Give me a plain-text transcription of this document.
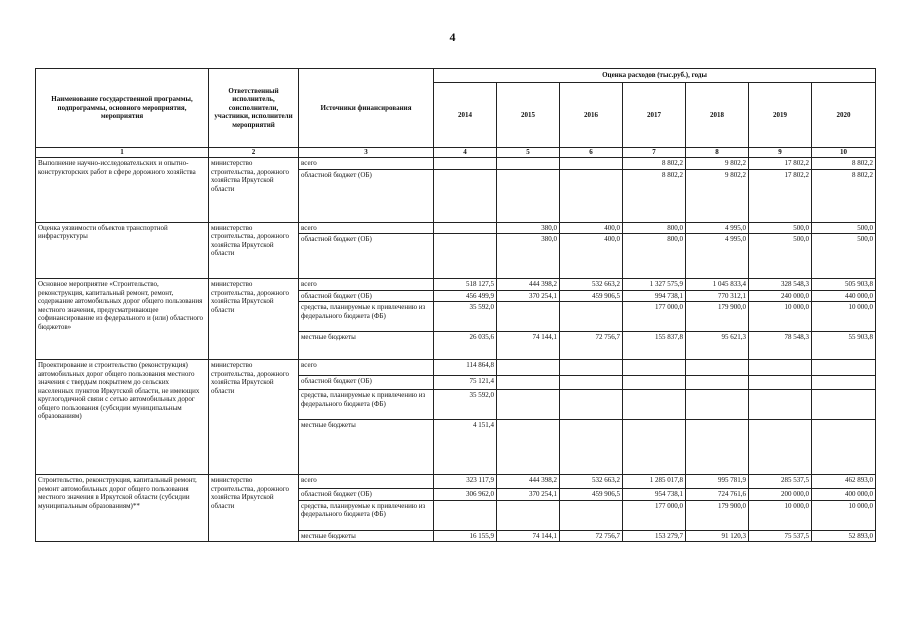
4
Наименование государственной программы, подпрограммы, основного мероприятия, мероприятия	Ответственный исполнитель, соисполнители, участники, исполнители мероприятий	Источники финансирования	Оценка расходов (тыс.руб.), годы						
			2014	2015	2016	2017	2018	2019	2020
1	2	3	4	5	6	7	8	9	10
Выполнение научно-исследовательских и опытно-конструкторских работ в сфере дорожного хозяйства	министерство строительства, дорожного хозяйства Иркутской области	всего				8 802,2	9 802,2	17 802,2	8 802,2
		областной бюджет (ОБ)				8 802,2	9 802,2	17 802,2	8 802,2
Оценка уязвимости объектов транспортной инфраструктуры	министерство строительства, дорожного хозяйства Иркутской области	всего		380,0	400,0	800,0	4 995,0	500,0	500,0
		областной бюджет (ОБ)		380,0	400,0	800,0	4 995,0	500,0	500,0
Основное мероприятие «Строительство, реконструкция, капитальный ремонт, ремонт, содержание автомобильных дорог общего пользования местного значения, предусматривающее софинансирование из федерального и (или) областного бюджетов»	министерство строительства, дорожного хозяйства Иркутской области	всего	518 127,5	444 398,2	532 663,2	1 327 575,9	1 045 833,4	328 548,3	505 903,8
		областной бюджет (ОБ)	456 499,9	370 254,1	459 906,5	994 738,1	770 312,1	240 000,0	440 000,0
		средства, планируемые к привлечению из федерального бюджета (ФБ)	35 592,0			177 000,0	179 900,0	10 000,0	10 000,0
		местные бюджеты	26 035,6	74 144,1	72 756,7	155 837,8	95 621,3	78 548,3	55 903,8
Проектирование и строительство (реконструкция) автомобильных дорог общего пользования местного значения с твердым покрытием до сельских населенных пунктов Иркутской области, не имеющих круглогодичной связи с сетью автомобильных дорог общего пользования (субсидии муниципальным образованиям)	министерство строительства, дорожного хозяйства Иркутской области	всего	114 864,8						
		областной бюджет (ОБ)	75 121,4						
		средства, планируемые к привлечению из федерального бюджета (ФБ)	35 592,0						
		местные бюджеты	4 151,4						
Строительство, реконструкция, капитальный ремонт, ремонт автомобильных дорог общего пользования местного значения в Иркутской области (субсидии муниципальным образованиям)**	министерство строительства, дорожного хозяйства Иркутской области	всего	323 117,9	444 398,2	532 663,2	1 285 017,8	995 781,9	285 537,5	462 893,0
		областной бюджет (ОБ)	306 962,0	370 254,1	459 906,5	954 738,1	724 761,6	200 000,0	400 000,0
		средства, планируемые к привлечению из федерального бюджета (ФБ)				177 000,0	179 900,0	10 000,0	10 000,0
		местные бюджеты	16 155,9	74 144,1	72 756,7	153 279,7	91 120,3	75 537,5	52 893,0
